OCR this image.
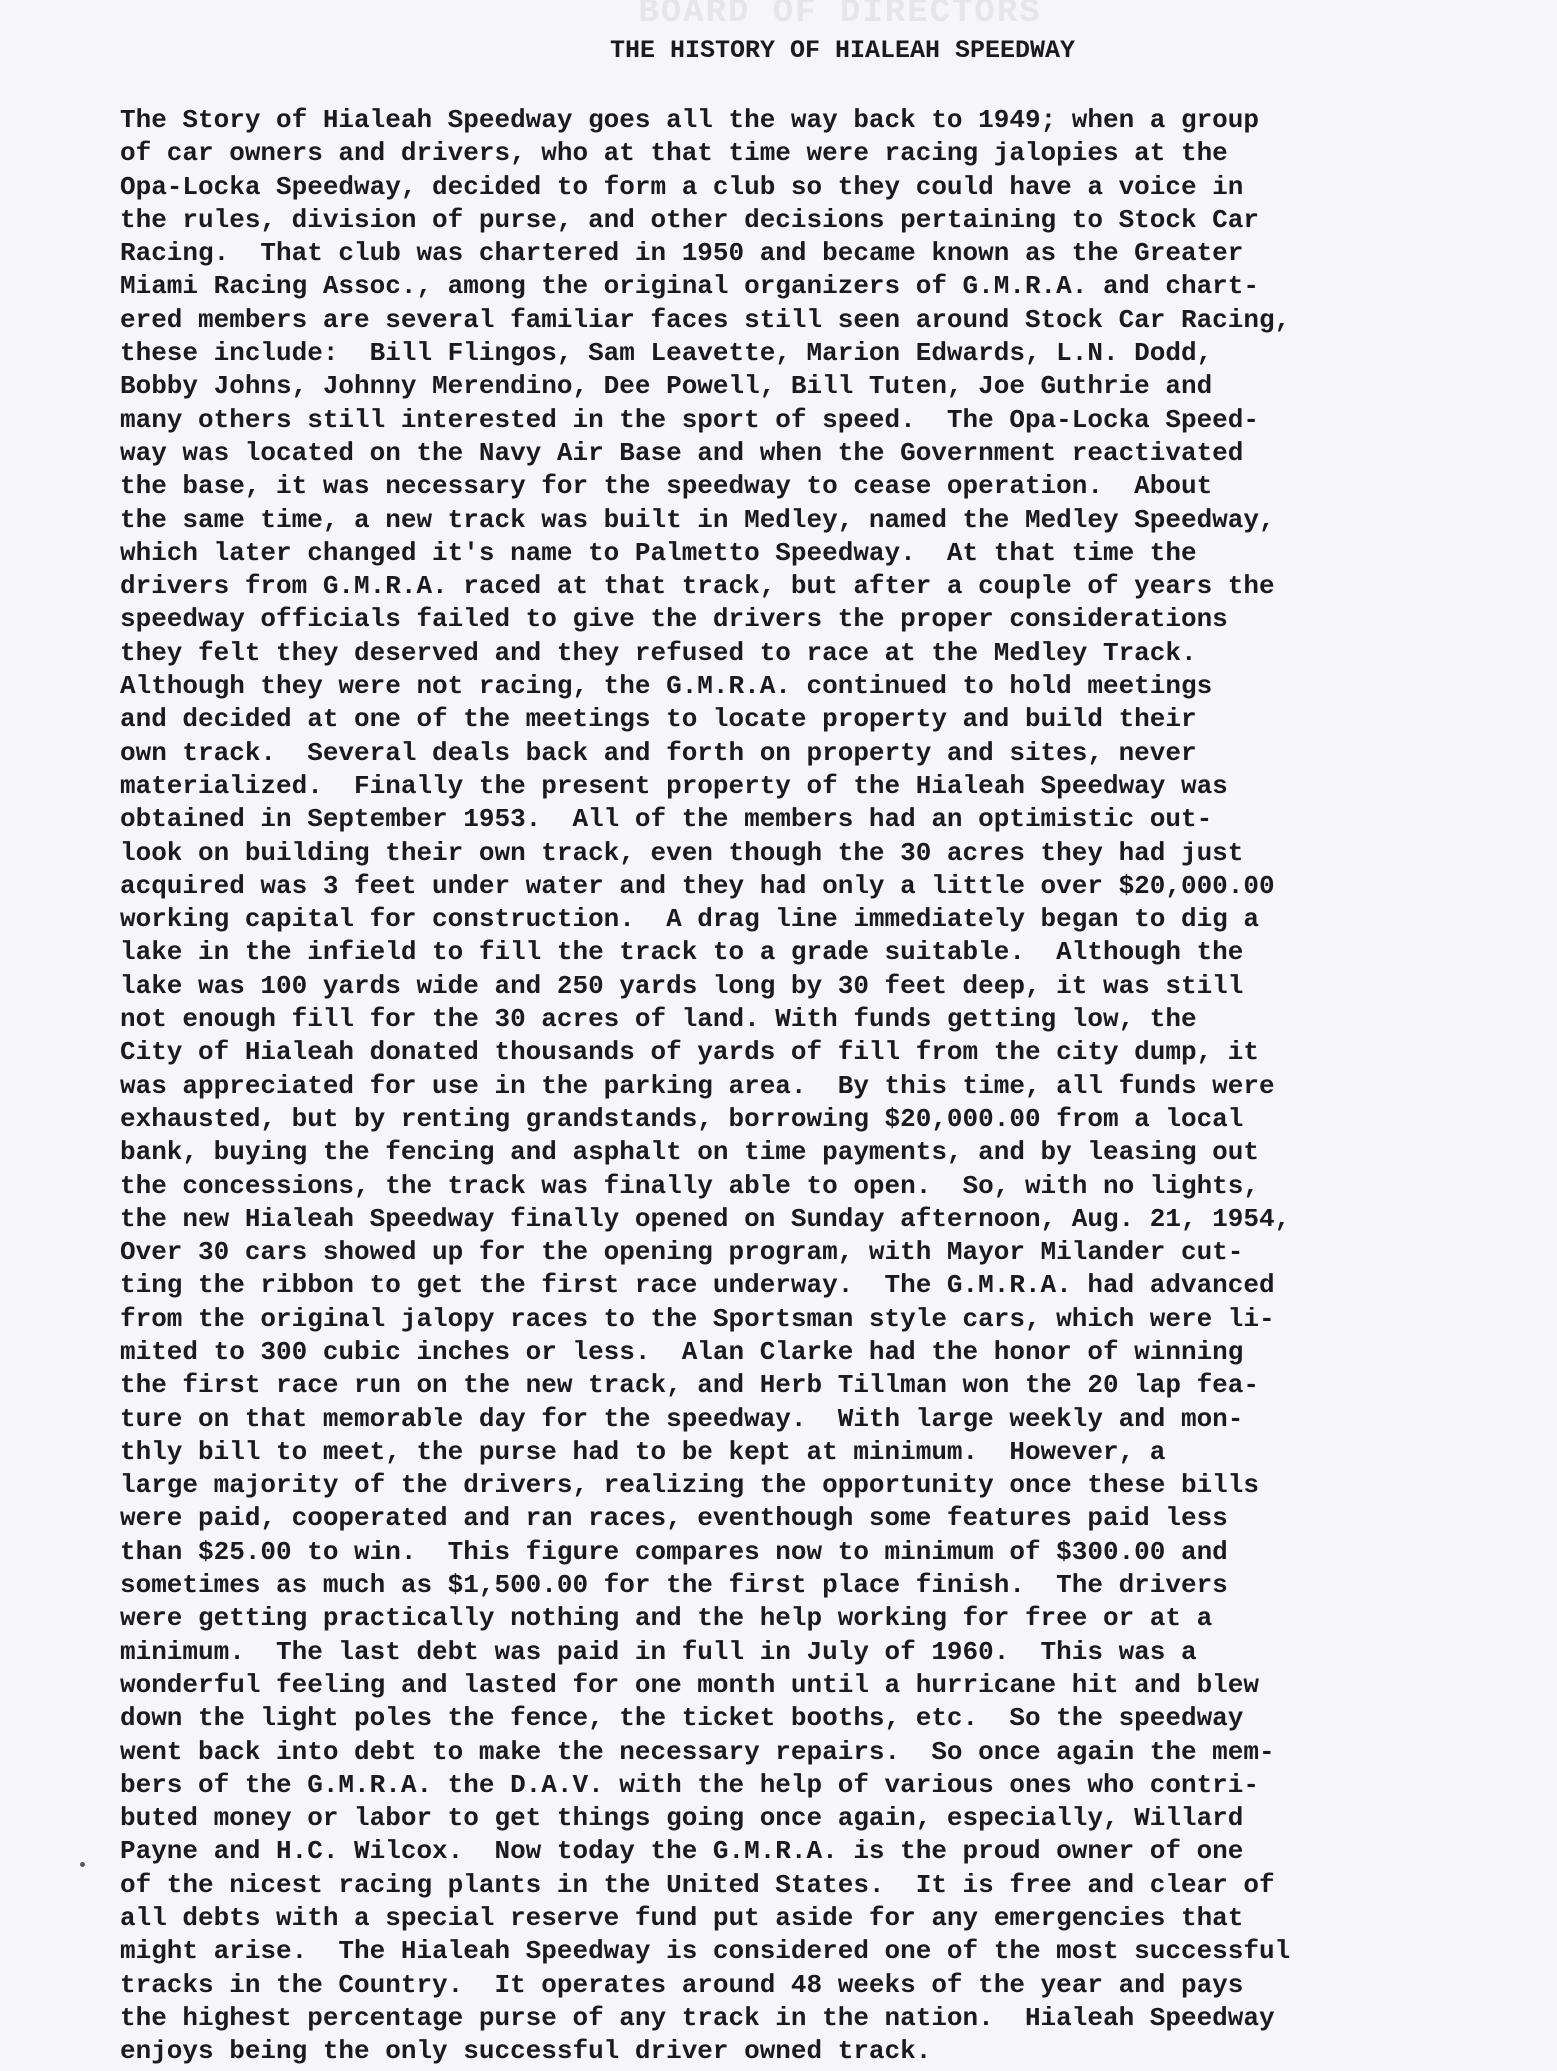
BOARD OF DIRECTORS
THE HISTORY OF HIALEAH SPEEDWAY
The Story of Hialeah Speedway goes all the way back to 1949; when a group
of car owners and drivers, who at that time were racing jalopies at the
Opa-Locka Speedway, decided to form a club so they could have a voice in
the rules, division of purse, and other decisions pertaining to Stock Car
Racing.  That club was chartered in 1950 and became known as the Greater
Miami Racing Assoc., among the original organizers of G.M.R.A. and chart-
ered members are several familiar faces still seen around Stock Car Racing,
these include:  Bill Flingos, Sam Leavette, Marion Edwards, L.N. Dodd,
Bobby Johns, Johnny Merendino, Dee Powell, Bill Tuten, Joe Guthrie and
many others still interested in the sport of speed.  The Opa-Locka Speed-
way was located on the Navy Air Base and when the Government reactivated
the base, it was necessary for the speedway to cease operation.  About
the same time, a new track was built in Medley, named the Medley Speedway,
which later changed it's name to Palmetto Speedway.  At that time the
drivers from G.M.R.A. raced at that track, but after a couple of years the
speedway officials failed to give the drivers the proper considerations
they felt they deserved and they refused to race at the Medley Track.
Although they were not racing, the G.M.R.A. continued to hold meetings
and decided at one of the meetings to locate property and build their
own track.  Several deals back and forth on property and sites, never
materialized.  Finally the present property of the Hialeah Speedway was
obtained in September 1953.  All of the members had an optimistic out-
look on building their own track, even though the 30 acres they had just
acquired was 3 feet under water and they had only a little over $20,000.00
working capital for construction.  A drag line immediately began to dig a
lake in the infield to fill the track to a grade suitable.  Although the
lake was 100 yards wide and 250 yards long by 30 feet deep, it was still
not enough fill for the 30 acres of land. With funds getting low, the
City of Hialeah donated thousands of yards of fill from the city dump, it
was appreciated for use in the parking area.  By this time, all funds were
exhausted, but by renting grandstands, borrowing $20,000.00 from a local
bank, buying the fencing and asphalt on time payments, and by leasing out
the concessions, the track was finally able to open.  So, with no lights,
the new Hialeah Speedway finally opened on Sunday afternoon, Aug. 21, 1954,
Over 30 cars showed up for the opening program, with Mayor Milander cut-
ting the ribbon to get the first race underway.  The G.M.R.A. had advanced
from the original jalopy races to the Sportsman style cars, which were li-
mited to 300 cubic inches or less.  Alan Clarke had the honor of winning
the first race run on the new track, and Herb Tillman won the 20 lap fea-
ture on that memorable day for the speedway.  With large weekly and mon-
thly bill to meet, the purse had to be kept at minimum.  However, a
large majority of the drivers, realizing the opportunity once these bills
were paid, cooperated and ran races, eventhough some features paid less
than $25.00 to win.  This figure compares now to minimum of $300.00 and
sometimes as much as $1,500.00 for the first place finish.  The drivers
were getting practically nothing and the help working for free or at a
minimum.  The last debt was paid in full in July of 1960.  This was a
wonderful feeling and lasted for one month until a hurricane hit and blew
down the light poles the fence, the ticket booths, etc.  So the speedway
went back into debt to make the necessary repairs.  So once again the mem-
bers of the G.M.R.A. the D.A.V. with the help of various ones who contri-
buted money or labor to get things going once again, especially, Willard
Payne and H.C. Wilcox.  Now today the G.M.R.A. is the proud owner of one
of the nicest racing plants in the United States.  It is free and clear of
all debts with a special reserve fund put aside for any emergencies that
might arise.  The Hialeah Speedway is considered one of the most successful
tracks in the Country.  It operates around 48 weeks of the year and pays
the highest percentage purse of any track in the nation.  Hialeah Speedway
enjoys being the only successful driver owned track.
